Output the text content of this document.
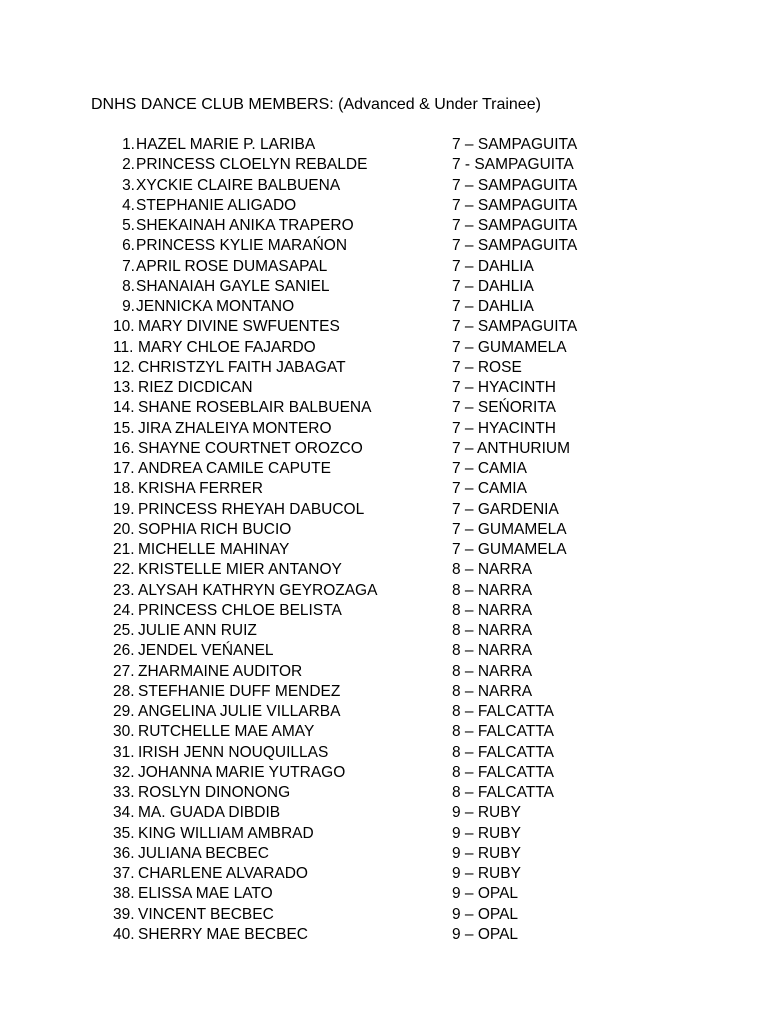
DNHS DANCE CLUB MEMBERS: (Advanced & Under Trainee)
1. HAZEL MARIE P. LARIBA	7 – SAMPAGUITA
2. PRINCESS CLOELYN REBALDE	7 - SAMPAGUITA
3. XYCKIE CLAIRE BALBUENA	7 – SAMPAGUITA
4. STEPHANIE ALIGADO	7 – SAMPAGUITA
5. SHEKAINAH ANIKA TRAPERO	7 – SAMPAGUITA
6. PRINCESS KYLIE MARAŃON	7 – SAMPAGUITA
7. APRIL ROSE DUMASAPAL	7 – DAHLIA
8. SHANAIAH GAYLE SANIEL	7 – DAHLIA
9. JENNICKA MONTANO	7 – DAHLIA
10. MARY DIVINE SWFUENTES	7 – SAMPAGUITA
11. MARY CHLOE FAJARDO	7 – GUMAMELA
12. CHRISTZYL FAITH JABAGAT	7 – ROSE
13. RIEZ DICDICAN	7 – HYACINTH
14. SHANE ROSEBLAIR BALBUENA	7 – SEŃORITA
15. JIRA ZHALEIYA MONTERO	7 – HYACINTH
16. SHAYNE COURTNET OROZCO	7 – ANTHURIUM
17. ANDREA CAMILE CAPUTE	7 – CAMIA
18. KRISHA FERRER	7 – CAMIA
19. PRINCESS RHEYAH DABUCOL	7 – GARDENIA
20. SOPHIA RICH BUCIO	7 – GUMAMELA
21. MICHELLE MAHINAY	7 – GUMAMELA
22. KRISTELLE MIER ANTANOY	8 – NARRA
23. ALYSAH KATHRYN GEYROZAGA	8 – NARRA
24. PRINCESS CHLOE BELISTA	8 – NARRA
25. JULIE ANN RUIZ	8 – NARRA
26. JENDEL VEŃANEL	8 – NARRA
27. ZHARMAINE AUDITOR	8 – NARRA
28. STEFHANIE DUFF MENDEZ	8 – NARRA
29. ANGELINA JULIE VILLARBA	8 – FALCATTA
30. RUTCHELLE MAE AMAY	8 – FALCATTA
31. IRISH JENN NOUQUILLAS	8 – FALCATTA
32. JOHANNA MARIE YUTRAGO	8 – FALCATTA
33. ROSLYN DINONONG	8 – FALCATTA
34. MA. GUADA DIBDIB	9 – RUBY
35. KING WILLIAM AMBRAD	9 – RUBY
36. JULIANA BECBEC	9 – RUBY
37. CHARLENE ALVARADO	9 – RUBY
38. ELISSA MAE LATO	9 – OPAL
39. VINCENT BECBEC	9 – OPAL
40. SHERRY MAE BECBEC	9 – OPAL
